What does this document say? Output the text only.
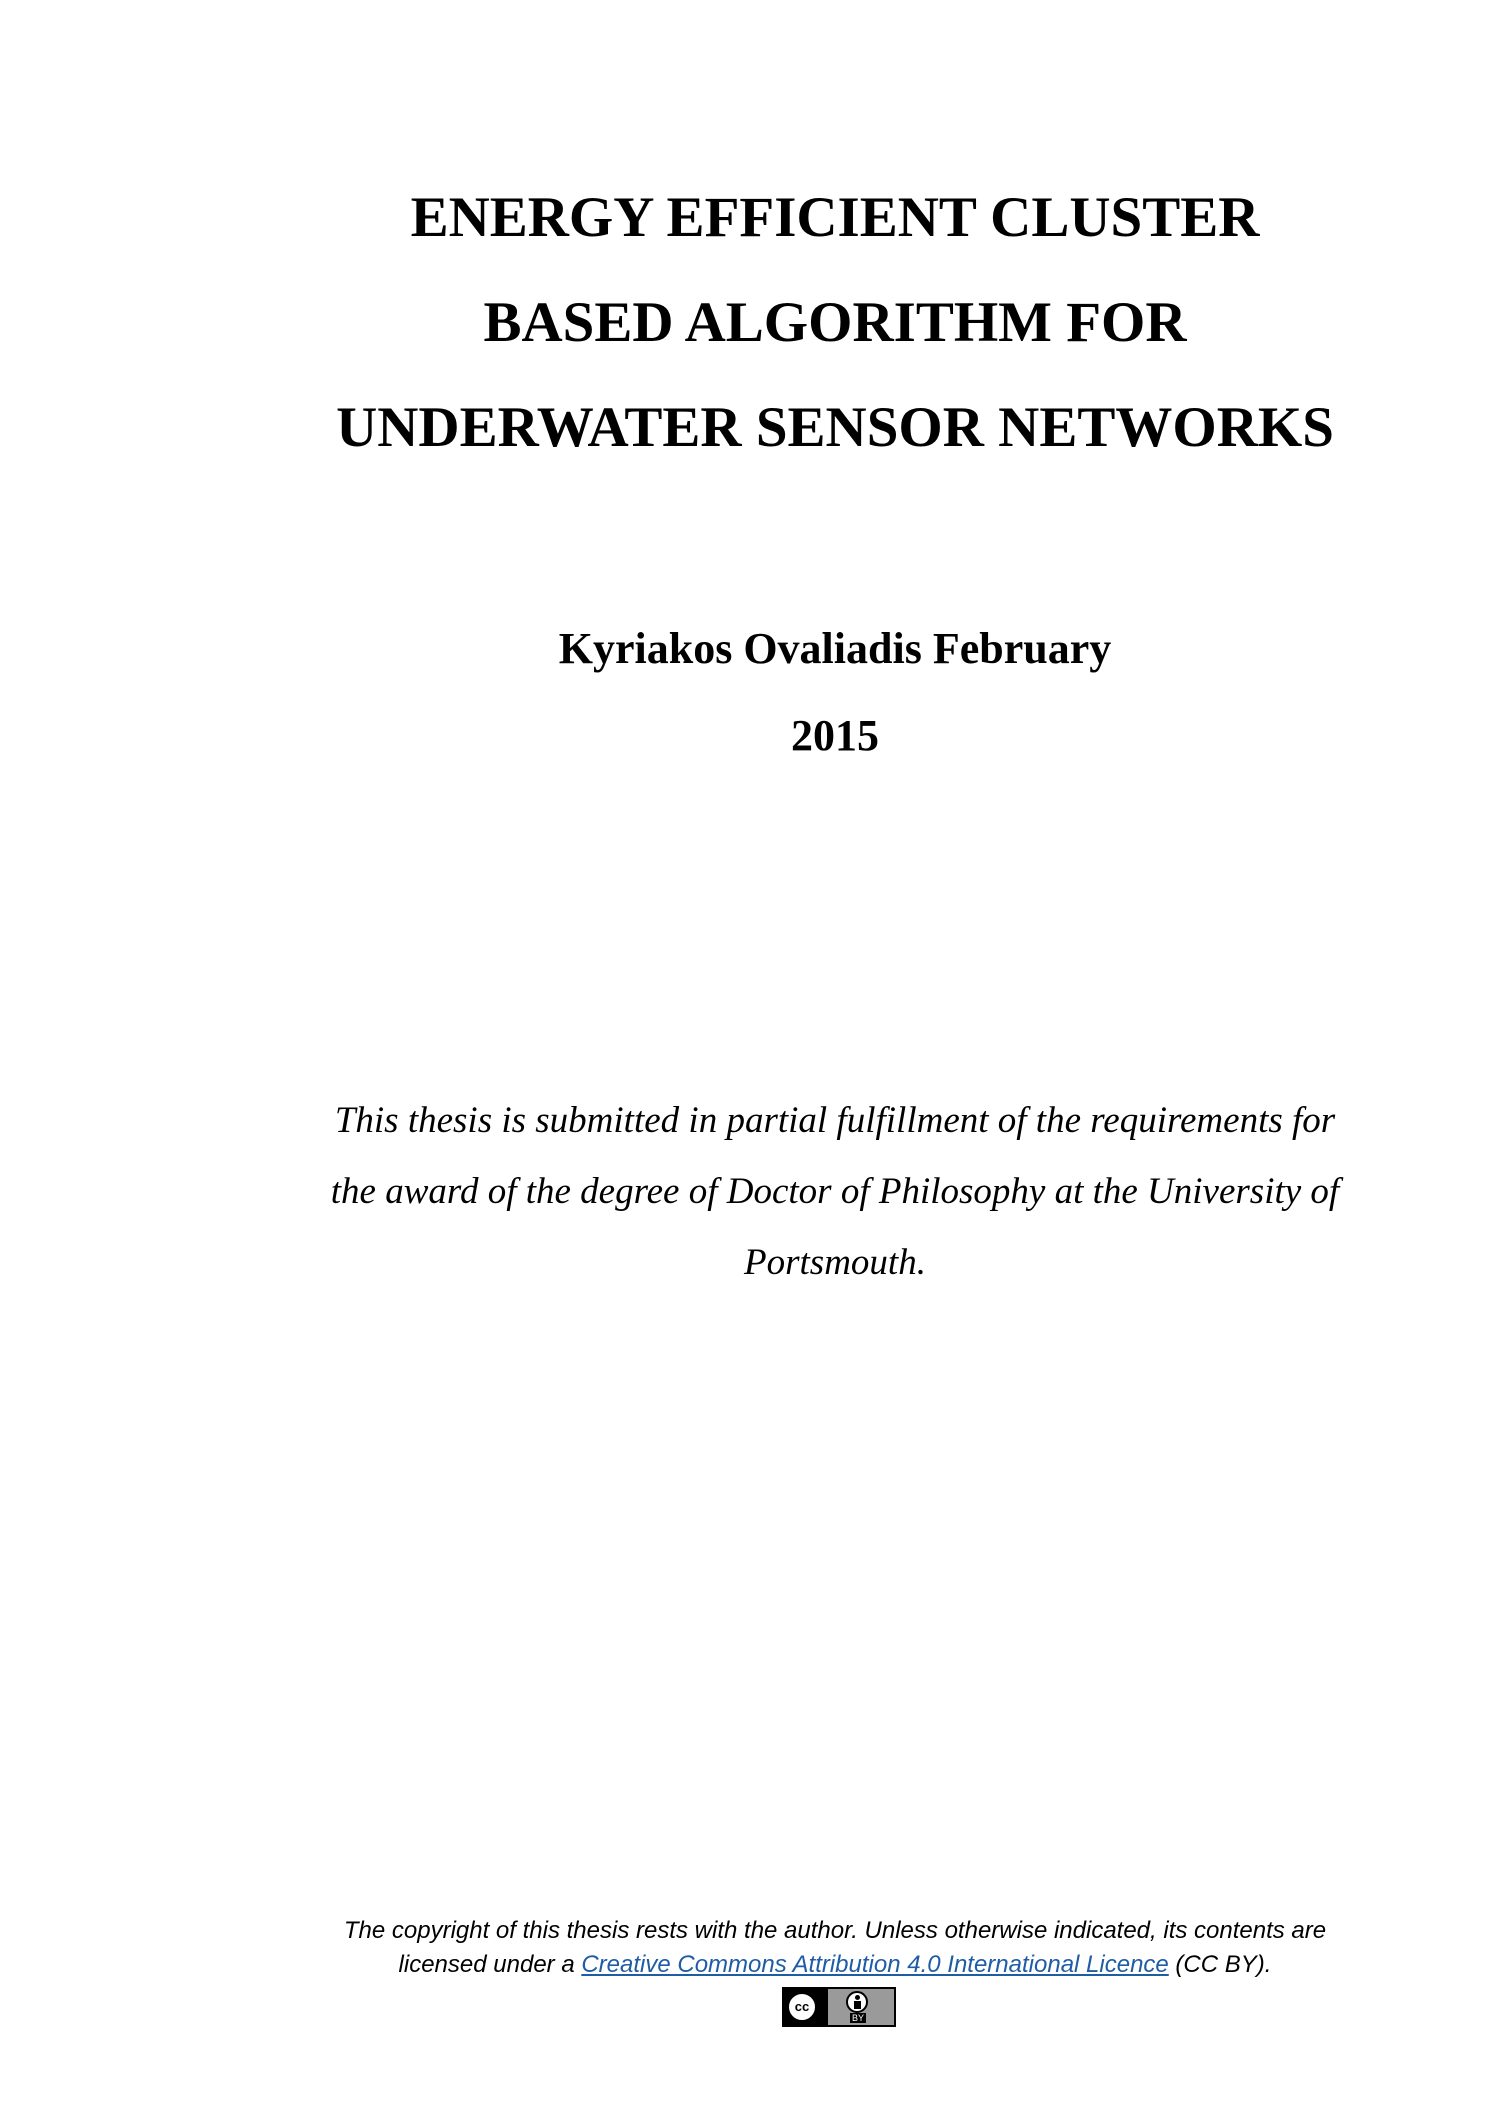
ENERGY EFFICIENT CLUSTER
BASED ALGORITHM FOR
UNDERWATER SENSOR NETWORKS
Kyriakos Ovaliadis February
2015
This thesis is submitted in partial fulfillment of the requirements for
the award of the degree of Doctor of Philosophy at the University of
Portsmouth.
The copyright of this thesis rests with the author. Unless otherwise indicated, its contents are
licensed under a Creative Commons Attribution 4.0 International Licence (CC BY).
cc
BY
